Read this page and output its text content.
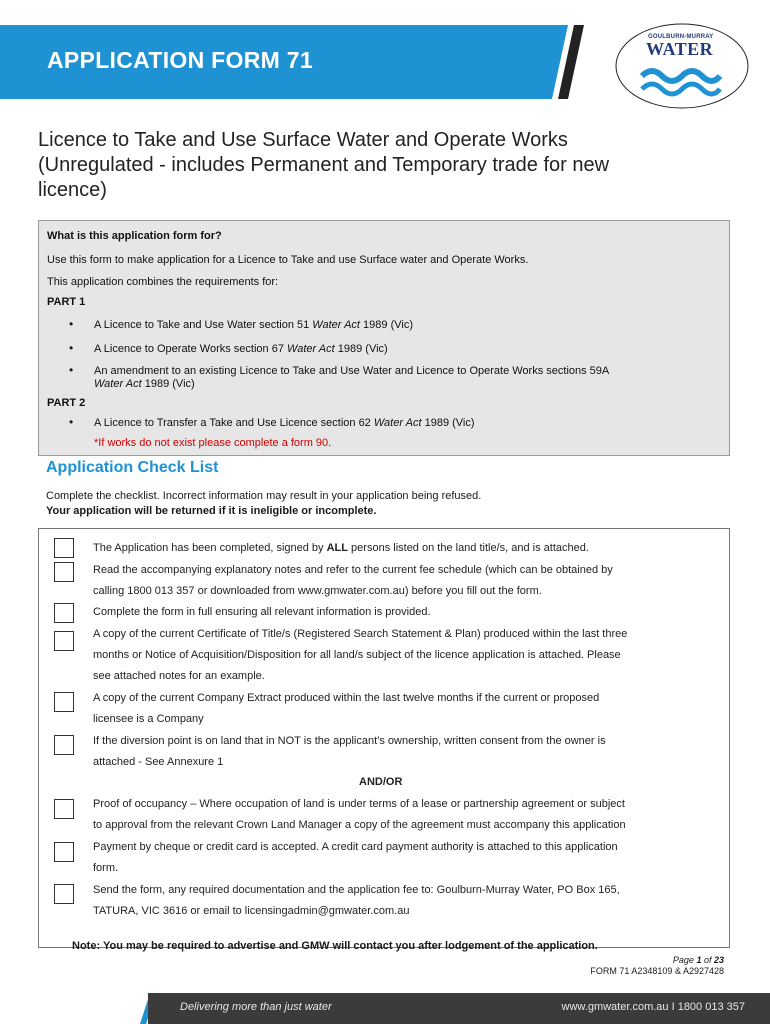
APPLICATION FORM 71
GOULBURN-MURRAY
WATER
Licence to Take and Use Surface Water and Operate Works
(Unregulated - includes Permanent and Temporary trade for new
licence)
What is this application form for?
Use this form to make application for a Licence to Take and use Surface water and Operate Works.
This application combines the requirements for:
PART 1
• A Licence to Take and Use Water section 51 Water Act 1989 (Vic)
• A Licence to Operate Works section 67 Water Act 1989 (Vic)
• An amendment to an existing Licence to Take and Use Water and Licence to Operate Works sections 59A
Water Act 1989 (Vic)
PART 2
• A Licence to Transfer a Take and Use Licence section 62 Water Act 1989 (Vic)
*If works do not exist please complete a form 90.
Application Check List
Complete the checklist. Incorrect information may result in your application being refused.
Your application will be returned if it is ineligible or incomplete.
The Application has been completed, signed by ALL persons listed on the land title/s, and is attached.
Read the accompanying explanatory notes and refer to the current fee schedule (which can be obtained by
calling 1800 013 357 or downloaded from www.gmwater.com.au) before you fill out the form.
Complete the form in full ensuring all relevant information is provided.
A copy of the current Certificate of Title/s (Registered Search Statement & Plan) produced within the last three
months or Notice of Acquisition/Disposition for all land/s subject of the licence application is attached. Please
see attached notes for an example.
A copy of the current Company Extract produced within the last twelve months if the current or proposed
licensee is a Company
If the diversion point is on land that in NOT is the applicant’s ownership, written consent from the owner is
attached - See Annexure 1
AND/OR
Proof of occupancy – Where occupation of land is under terms of a lease or partnership agreement or subject
to approval from the relevant Crown Land Manager a copy of the agreement must accompany this application
Payment by cheque or credit card is accepted. A credit card payment authority is attached to this application
form.
Send the form, any required documentation and the application fee to: Goulburn-Murray Water, PO Box 165,
TATURA, VIC 3616 or email to licensingadmin@gmwater.com.au
Note: You may be required to advertise and GMW will contact you after lodgement of the application.
Page 1 of 23
FORM 71 A2348109 & A2927428
Delivering more than just water	www.gmwater.com.au I 1800 013 357
